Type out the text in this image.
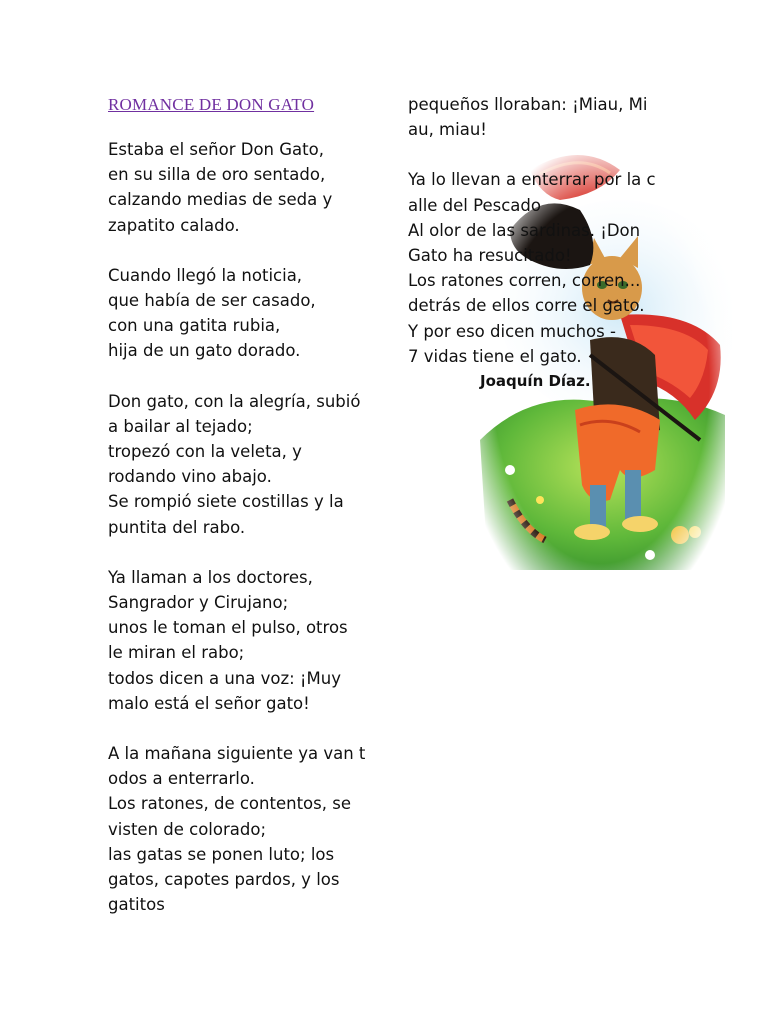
ROMANCE DE DON GATO
Estaba el señor Don Gato,
en su silla de oro sentado,
calzando medias de seda y
zapatito calado.
Cuando llegó la noticia,
que había de ser casado,
con una gatita rubia,
hija de un gato dorado.
Don gato, con la alegría, subió
a bailar al tejado;
tropezó con la veleta, y
rodando vino abajo.
Se rompió siete costillas y la
puntita del rabo.
Ya llaman a los doctores,
Sangrador y Cirujano;
unos le toman el pulso, otros
le miran el rabo;
todos dicen a una voz: ¡Muy
malo está el señor gato!
A la mañana siguiente ya van t
odos a enterrarlo.
Los ratones, de contentos, se
visten de colorado;
las gatas se ponen luto; los
gatos, capotes pardos, y los
gatitos
pequeños lloraban: ¡Miau, Mi
au, miau!
Ya lo llevan a enterrar por la c
alle del Pescado
Al olor de las sardinas. ¡Don
Gato ha resucitado!
Los ratones corren, corren...
detrás de ellos corre el gato.
Y por eso dicen muchos -
7 vidas tiene el gato.
Joaquín Díaz.
